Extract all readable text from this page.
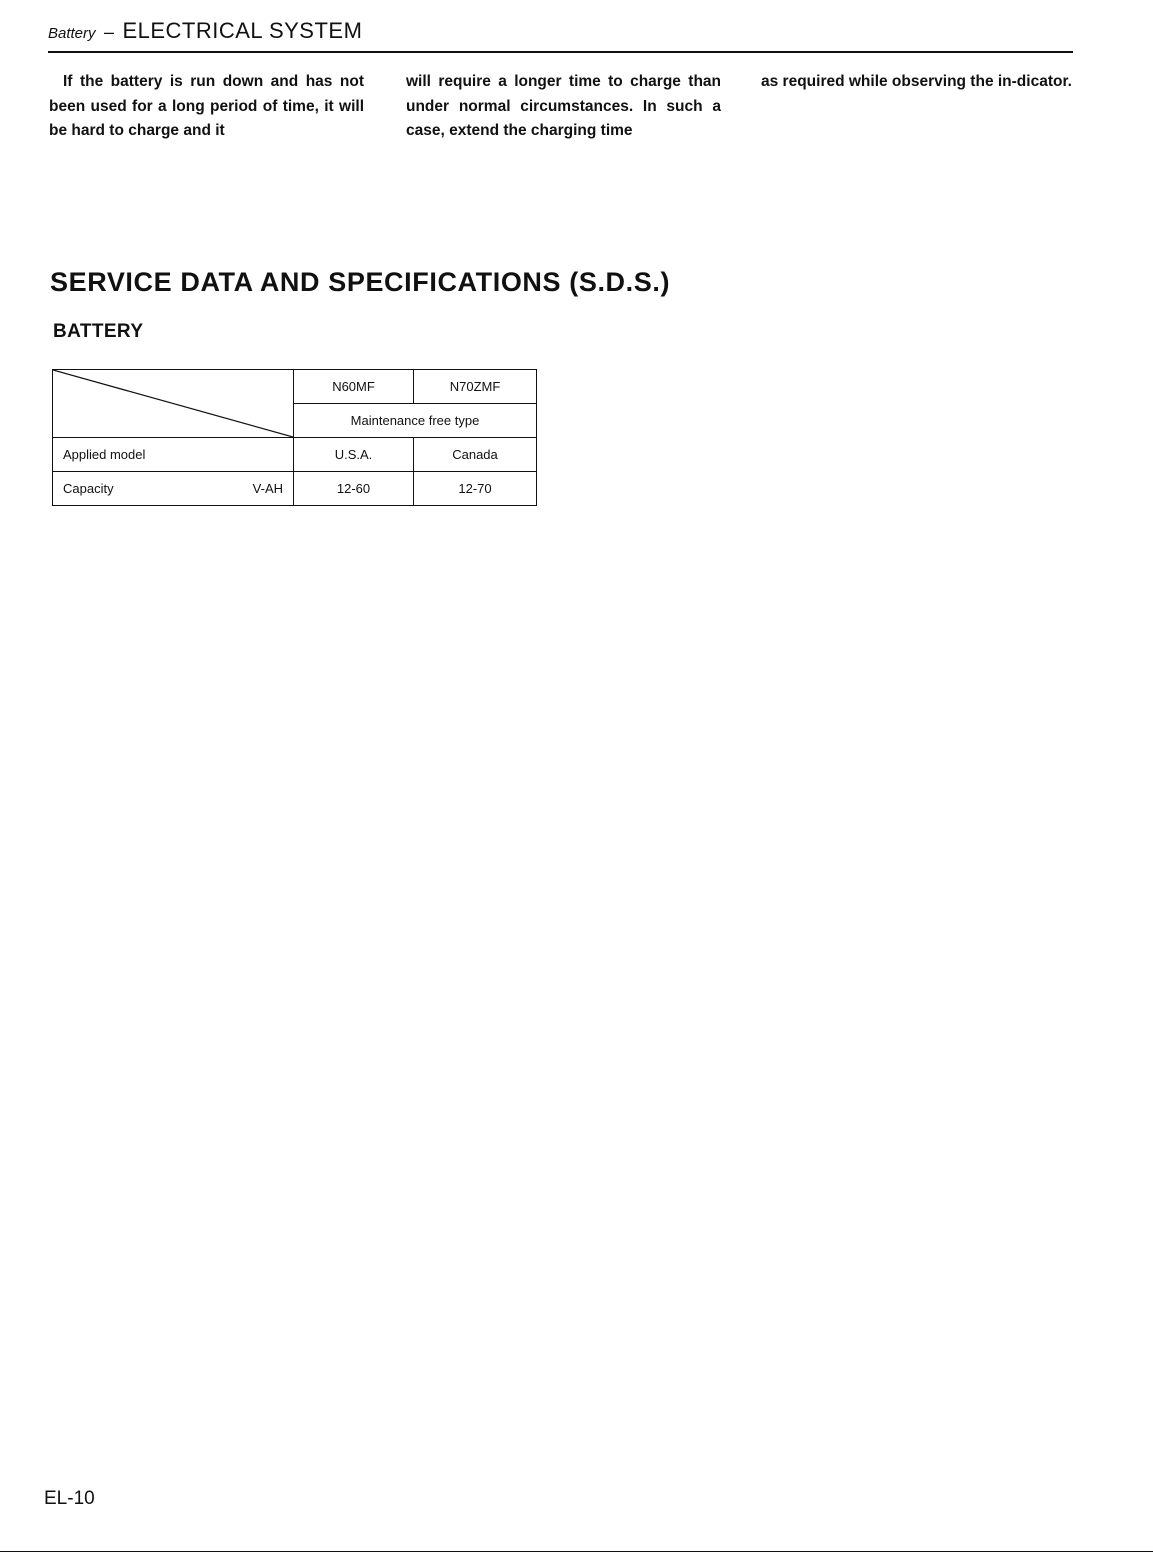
Battery – ELECTRICAL SYSTEM
If the battery is run down and has not been used for a long period of time, it will be hard to charge and it
will require a longer time to charge than under normal circumstances. In such a case, extend the charging time
as required while observing the in-dicator.
SERVICE DATA AND SPECIFICATIONS (S.D.S.)
BATTERY
	N60MF	N70ZMF
	Maintenance free type	
Applied model	U.S.A.	Canada
Capacity V-AH	12-60	12-70
EL-10
